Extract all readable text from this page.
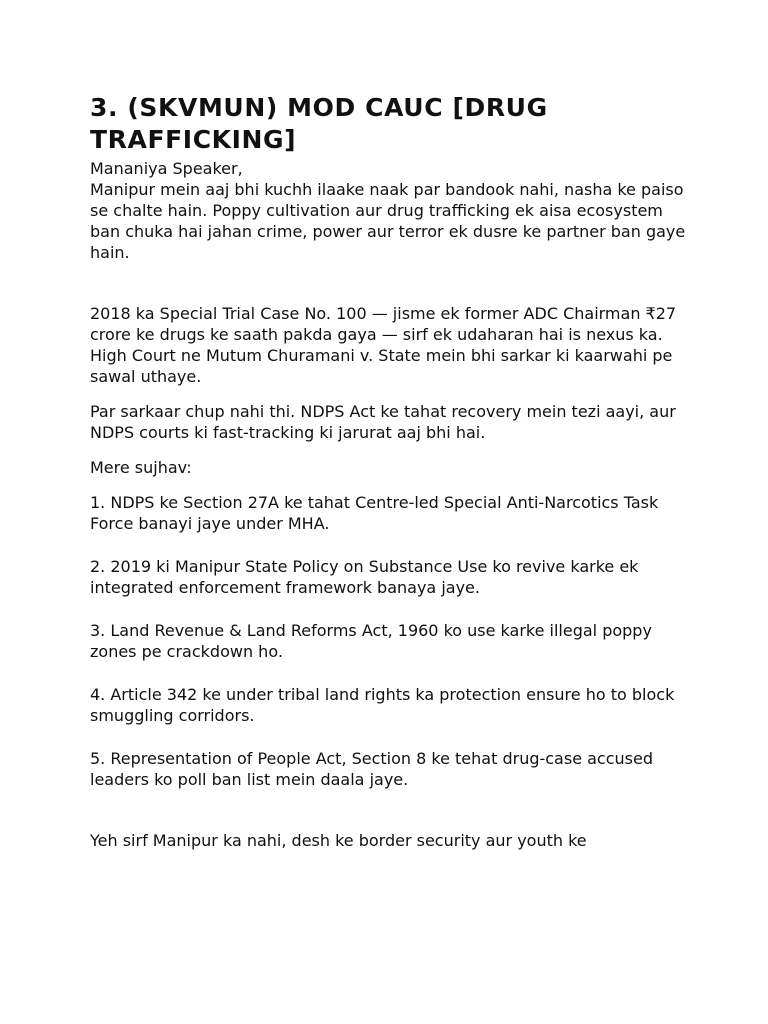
3. (SKVMUN) MOD CAUC [DRUG TRAFFICKING]

Mananiya Speaker,

Manipur mein aaj bhi kuchh ilaake naak par bandook nahi, nasha ke paiso se chalte hain. Poppy cultivation aur drug trafficking ek aisa ecosystem ban chuka hai jahan crime, power aur terror ek dusre ke partner ban gaye hain.

2018 ka Special Trial Case No. 100 — jisme ek former ADC Chairman ₹27 crore ke drugs ke saath pakda gaya — sirf ek udaharan hai is nexus ka. High Court ne Mutum Churamani v. State mein bhi sarkar ki kaarwahi pe sawal uthaye.

Par sarkaar chup nahi thi. NDPS Act ke tahat recovery mein tezi aayi, aur NDPS courts ki fast-tracking ki jarurat aaj bhi hai.

Mere sujhav:

1. NDPS ke Section 27A ke tahat Centre-led Special Anti-Narcotics Task Force banayi jaye under MHA.

2. 2019 ki Manipur State Policy on Substance Use ko revive karke ek integrated enforcement framework banaya jaye.

3. Land Revenue & Land Reforms Act, 1960 ko use karke illegal poppy zones pe crackdown ho.

4. Article 342 ke under tribal land rights ka protection ensure ho to block smuggling corridors.

5. Representation of People Act, Section 8 ke tehat drug-case accused leaders ko poll ban list mein daala jaye.

Yeh sirf Manipur ka nahi, desh ke border security aur youth ke
